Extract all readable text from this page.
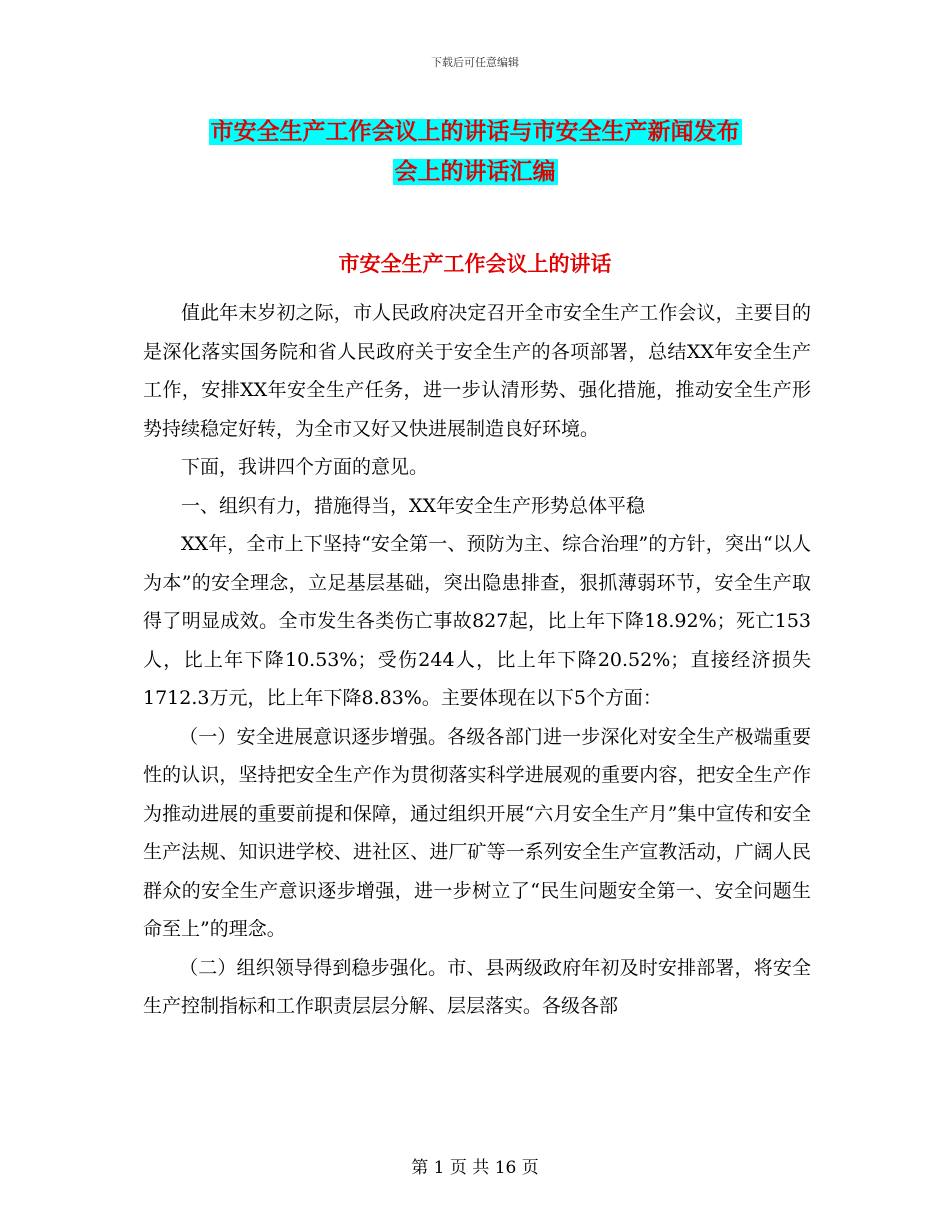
下载后可任意编辑
市安全生产工作会议上的讲话与市安全生产新闻发布
会上的讲话汇编
市安全生产工作会议上的讲话

值此年末岁初之际，市人民政府决定召开全市安全生产工作会议，主要目的是深化落实国务院和省人民政府关于安全生产的各项部署，总结XX年安全生产工作，安排XX年安全生产任务，进一步认清形势、强化措施，推动安全生产形势持续稳定好转，为全市又好又快进展制造良好环境。

下面，我讲四个方面的意见。

一、组织有力，措施得当，XX年安全生产形势总体平稳

XX年，全市上下坚持“安全第一、预防为主、综合治理”的方针，突出“以人为本”的安全理念，立足基层基础，突出隐患排查，狠抓薄弱环节，安全生产取得了明显成效。全市发生各类伤亡事故827起，比上年下降18.92%；死亡153人，比上年下降10.53%；受伤244人，比上年下降20.52%；直接经济损失1712.3万元，比上年下降8.83%。主要体现在以下5个方面：

（一）安全进展意识逐步增强。各级各部门进一步深化对安全生产极端重要性的认识，坚持把安全生产作为贯彻落实科学进展观的重要内容，把安全生产作为推动进展的重要前提和保障，通过组织开展“六月安全生产月”集中宣传和安全生产法规、知识进学校、进社区、进厂矿等一系列安全生产宣教活动，广阔人民群众的安全生产意识逐步增强，进一步树立了“民生问题安全第一、安全问题生命至上”的理念。

（二）组织领导得到稳步强化。市、县两级政府年初及时安排部署，将安全生产控制指标和工作职责层层分解、层层落实。各级各部

第 1 页 共 16 页
